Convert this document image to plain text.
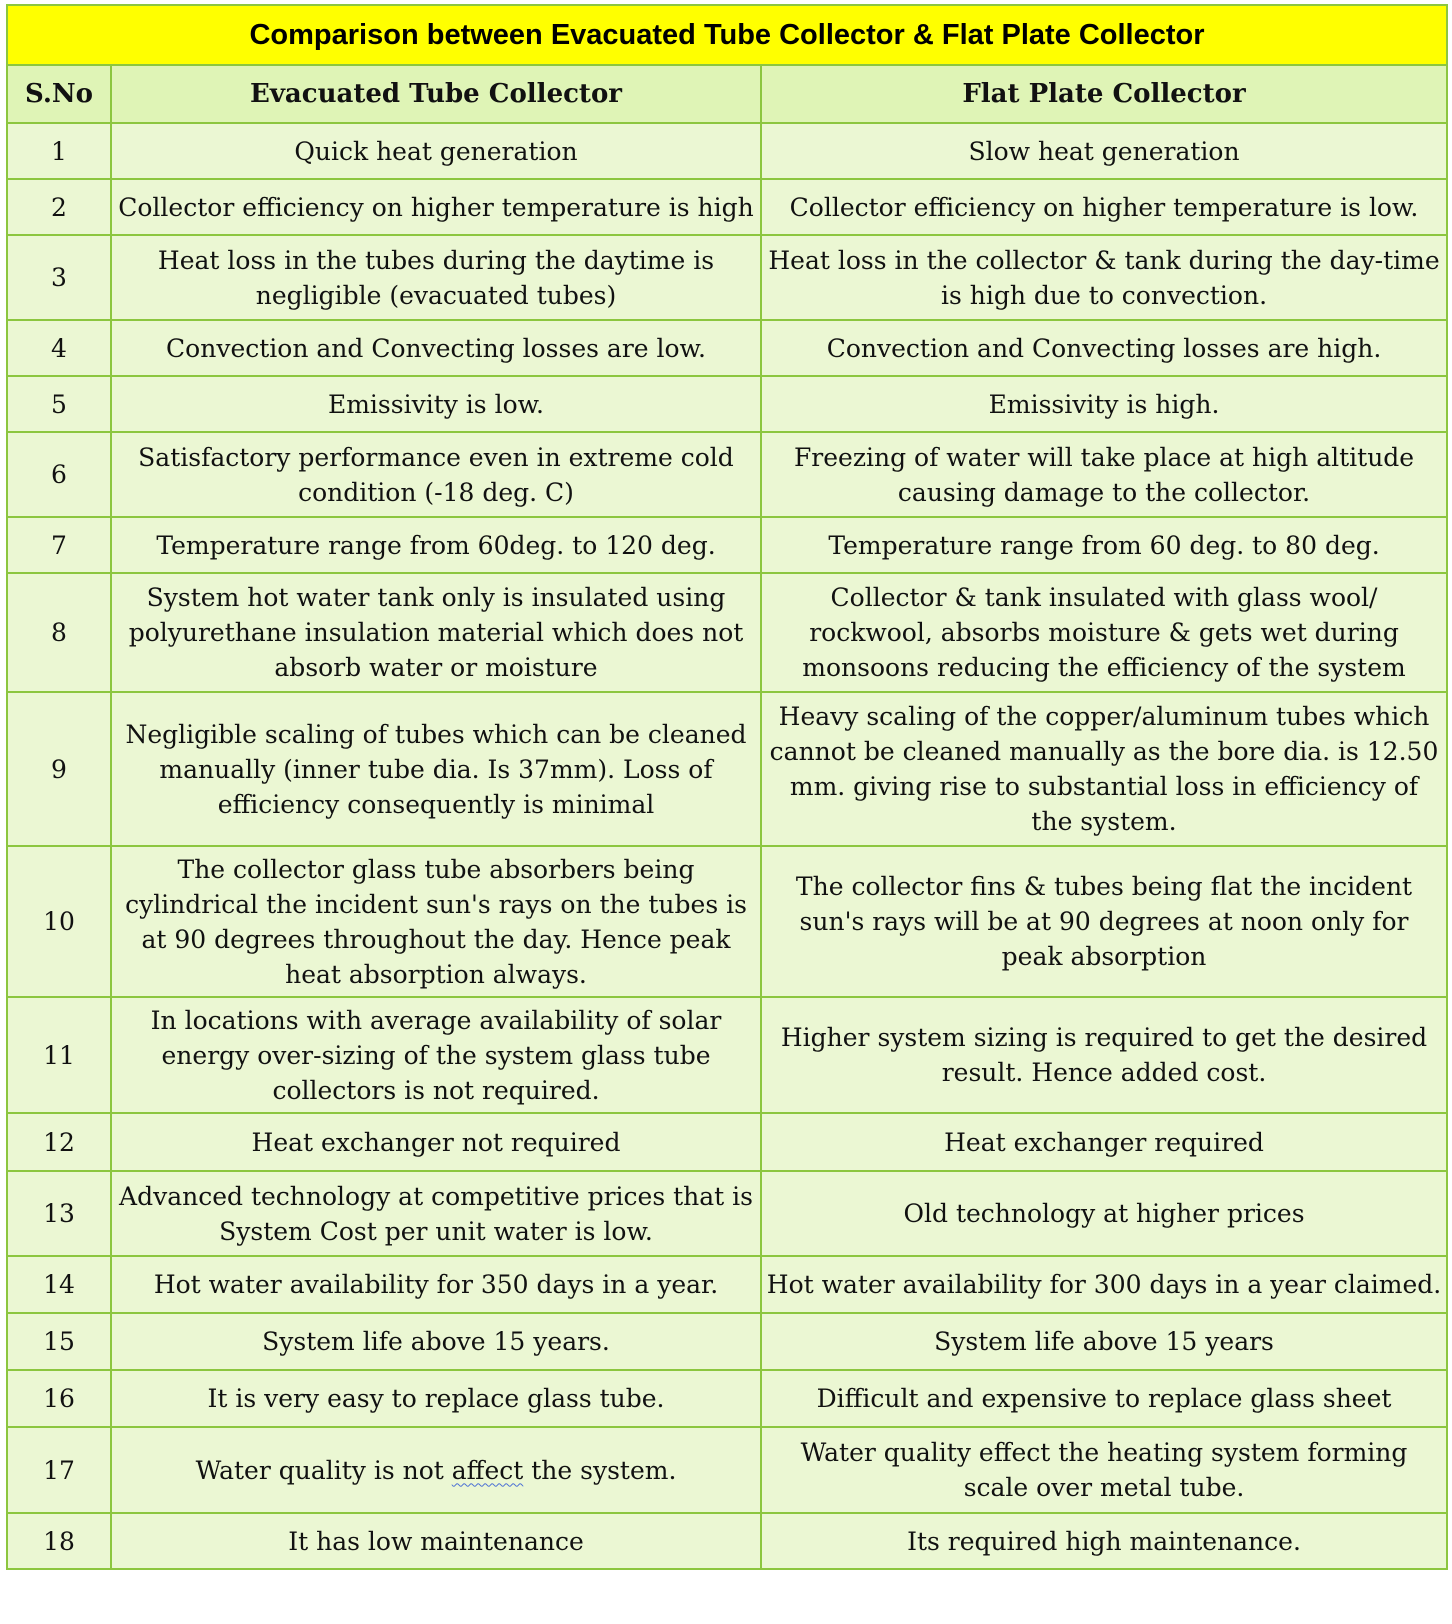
Comparison between Evacuated Tube Collector & Flat Plate Collector		
S.No	Evacuated Tube Collector	Flat Plate Collector
1	Quick heat generation	Slow heat generation
2	Collector efficiency on higher temperature is high	Collector efficiency on higher temperature is low.
3	Heat loss in the tubes during the daytime is negligible (evacuated tubes)	Heat loss in the collector & tank during the day-time is high due to convection.
4	Convection and Convecting losses are low.	Convection and Convecting losses are high.
5	Emissivity is low.	Emissivity is high.
6	Satisfactory performance even in extreme cold condition (-18 deg. C)	Freezing of water will take place at high altitude causing damage to the collector.
7	Temperature range from 60deg. to 120 deg.	Temperature range from 60 deg. to 80 deg.
8	System hot water tank only is insulated using polyurethane insulation material which does not absorb water or moisture	Collector & tank insulated with glass wool/ rockwool, absorbs moisture & gets wet during monsoons reducing the efficiency of the system
9	Negligible scaling of tubes which can be cleaned manually (inner tube dia. Is 37mm). Loss of efficiency consequently is minimal	Heavy scaling of the copper/aluminum tubes which cannot be cleaned manually as the bore dia. is 12.50 mm. giving rise to substantial loss in efficiency of the system.
10	The collector glass tube absorbers being cylindrical the incident sun's rays on the tubes is at 90 degrees throughout the day. Hence peak heat absorption always.	The collector fins & tubes being flat the incident sun's rays will be at 90 degrees at noon only for peak absorption
11	In locations with average availability of solar energy over-sizing of the system glass tube collectors is not required.	Higher system sizing is required to get the desired result. Hence added cost.
12	Heat exchanger not required	Heat exchanger required
13	Advanced technology at competitive prices that is System Cost per unit water is low.	Old technology at higher prices
14	Hot water availability for 350 days in a year.	Hot water availability for 300 days in a year claimed.
15	System life above 15 years.	System life above 15 years
16	It is very easy to replace glass tube.	Difficult and expensive to replace glass sheet
17	Water quality is not affect the system.	Water quality effect the heating system forming scale over metal tube.
18	It has low maintenance	Its required high maintenance.
